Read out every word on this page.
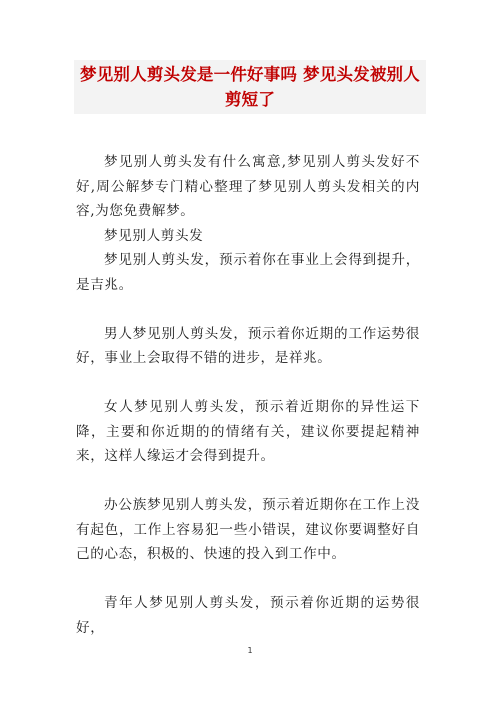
梦见别人剪头发是一件好事吗 梦见头发被别人剪短了

梦见别人剪头发有什么寓意,梦见别人剪头发好不好,周公解梦专门精心整理了梦见别人剪头发相关的内容,为您免费解梦。

梦见别人剪头发

梦见别人剪头发，预示着你在事业上会得到提升，是吉兆。

男人梦见别人剪头发，预示着你近期的工作运势很好，事业上会取得不错的进步，是祥兆。

女人梦见别人剪头发，预示着近期你的异性运下降，主要和你近期的的情绪有关，建议你要提起精神来，这样人缘运才会得到提升。

办公族梦见别人剪头发，预示着近期你在工作上没有起色，工作上容易犯一些小错误，建议你要调整好自己的心态，积极的、快速的投入到工作中。

青年人梦见别人剪头发，预示着你近期的运势很好，

1
